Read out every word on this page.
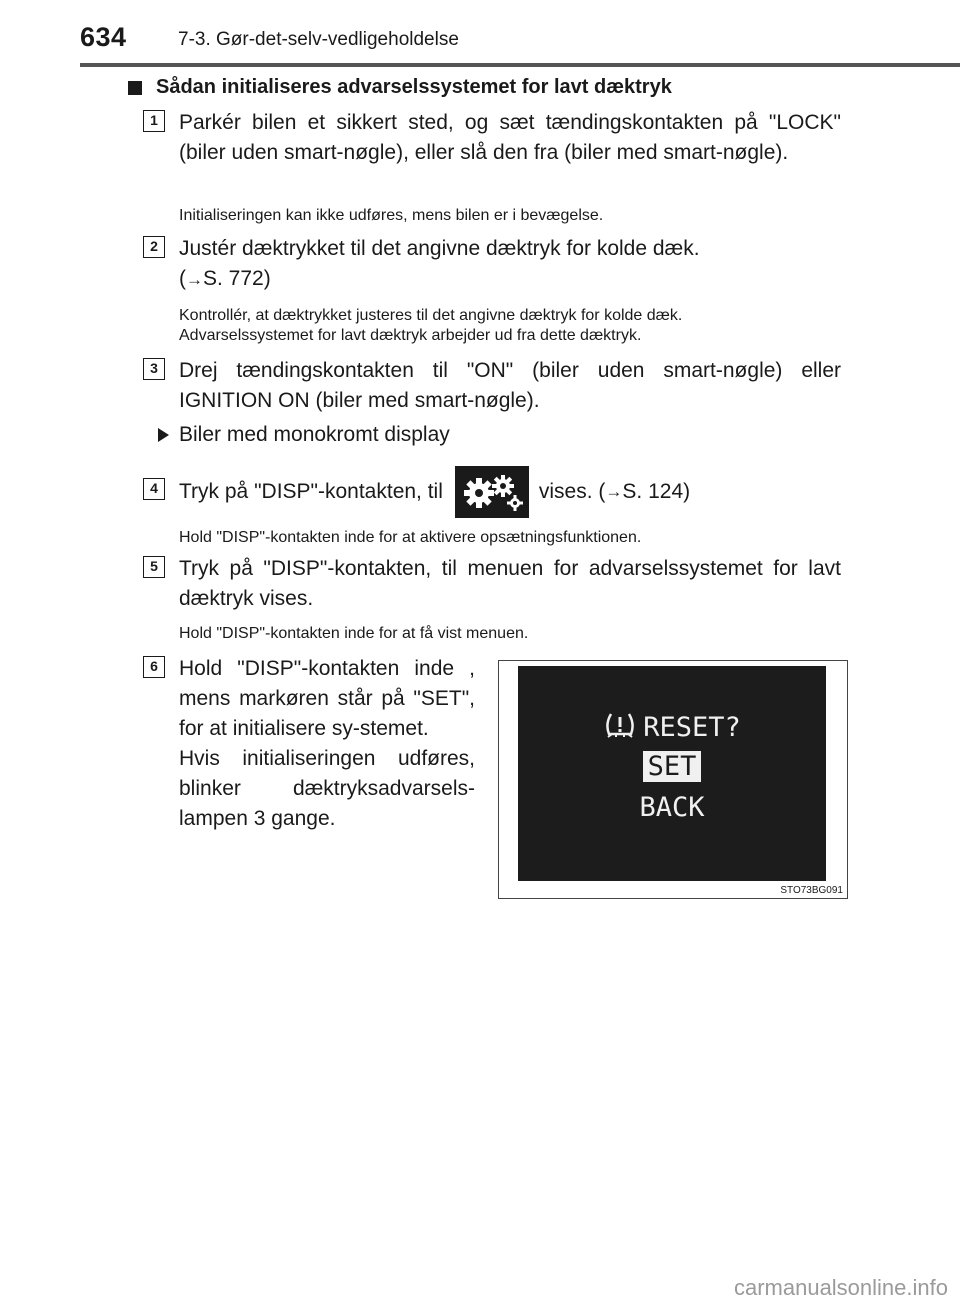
634	7-3. Gør-det-selv-vedligeholdelse
Sådan initialiseres advarselssystemet for lavt dæktryk
1	Parkér bilen et sikkert sted, og sæt tændingskontakten på "LOCK" (biler uden smart-nøgle), eller slå den fra (biler med smart-nøgle).
Initialiseringen kan ikke udføres, mens bilen er i bevægelse.
2	Justér dæktrykket til det angivne dæktryk for kolde dæk.
(→S. 772)
Kontrollér, at dæktrykket justeres til det angivne dæktryk for kolde dæk.
Advarselssystemet for lavt dæktryk arbejder ud fra dette dæktryk.
3	Drej tændingskontakten til "ON" (biler uden smart-nøgle) eller IGNITION ON (biler med smart-nøgle).
Biler med monokromt display
4	Tryk på "DISP"-kontakten, til	vises. ( → S. 124)
Hold "DISP"-kontakten inde for at aktivere opsætningsfunktionen.
5	Tryk på "DISP"-kontakten, til menuen for advarselssystemet for lavt dæktryk vises.
Hold "DISP"-kontakten inde for at få vist menuen.
6	Hold "DISP"-kontakten inde , mens markøren står på "SET", for at initialisere sy-stemet.

Hvis initialiseringen udføres, blinker dæktryksadvarsels-lampen 3 gange.

RESET?
SET
BACK
STO73BG091
carmanualsonline.info
